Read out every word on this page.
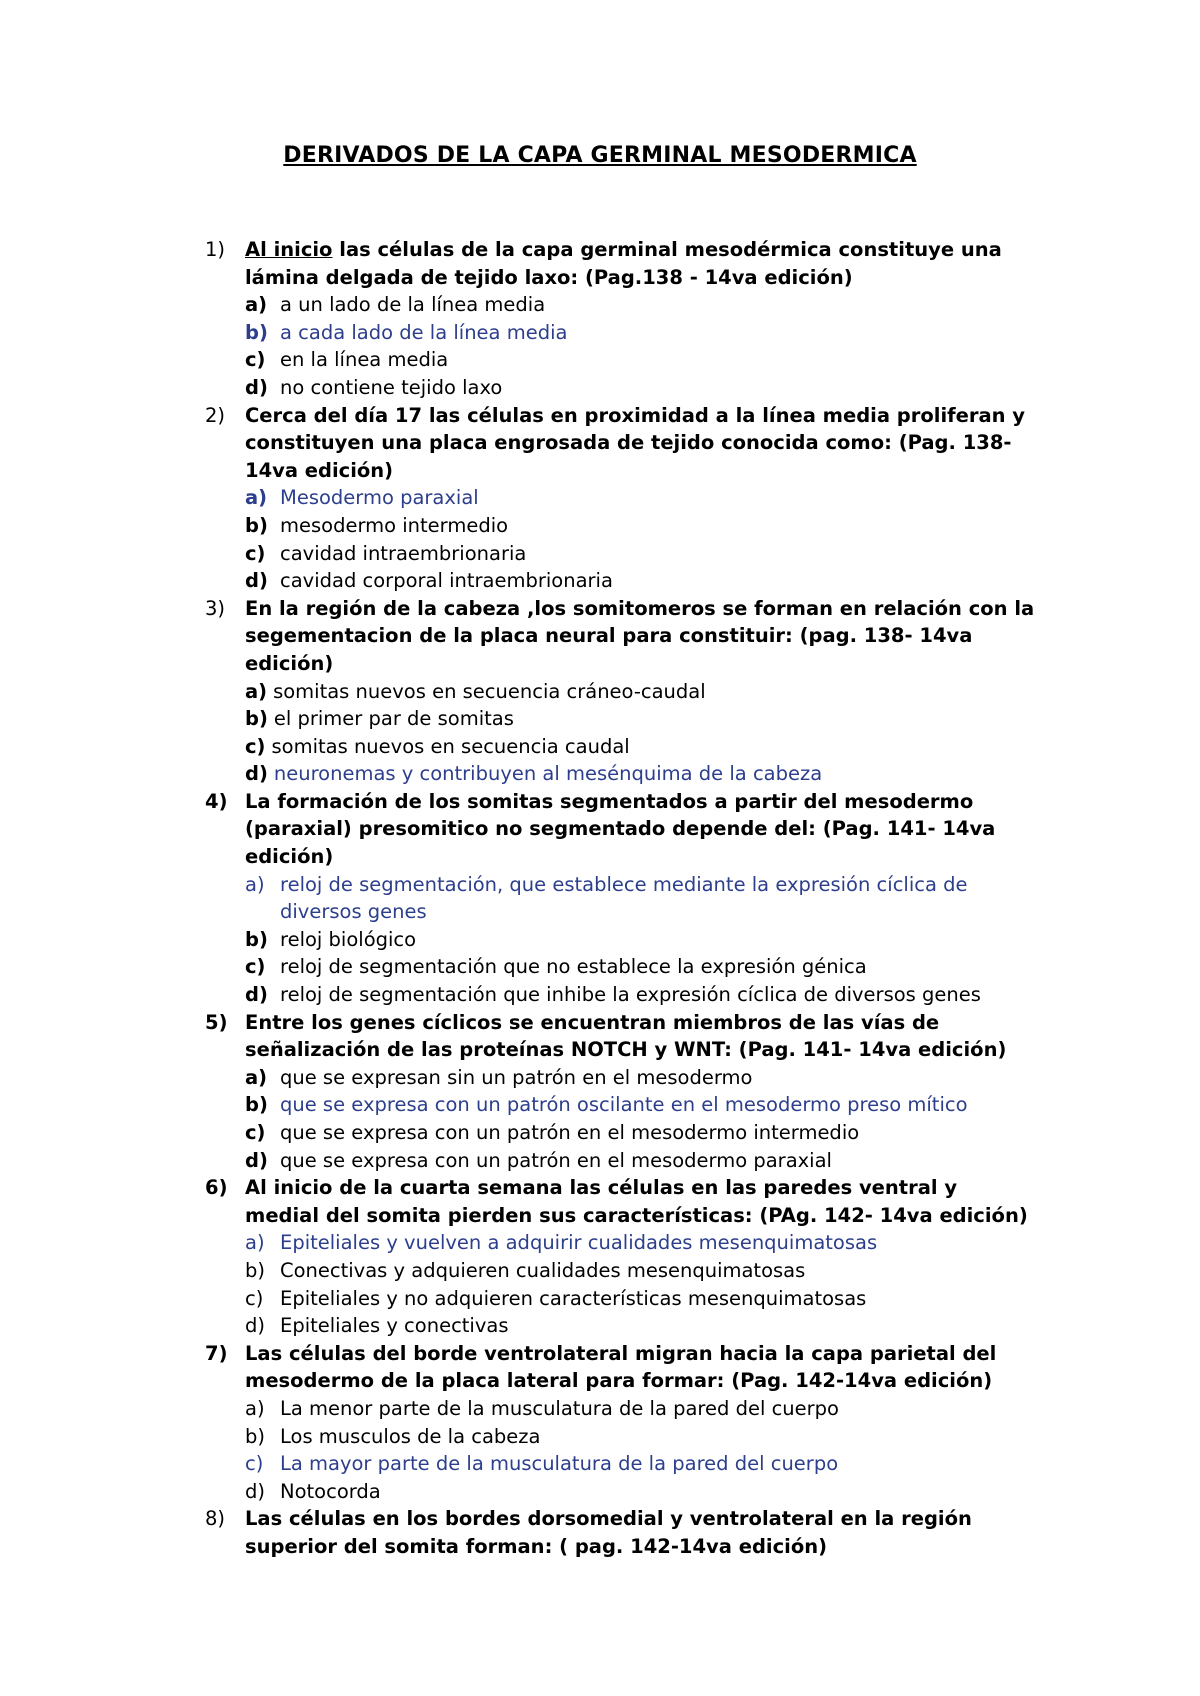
DERIVADOS DE LA CAPA GERMINAL MESODERMICA
1)	Al inicio las células de la capa germinal mesodérmica constituye una lámina delgada de tejido laxo: (Pag.138 - 14va edición)
a) a un lado de la línea media
b) a cada lado de la línea media
c) en la línea media
d) no contiene tejido laxo
2)	Cerca del día 17 las células en proximidad a la línea media proliferan y constituyen una placa engrosada de tejido conocida como: (Pag. 138-14va edición)
a) Mesodermo paraxial
b) mesodermo intermedio
c) cavidad intraembrionaria
d) cavidad corporal intraembrionaria
3)	En la región de la cabeza ,los somitomeros se forman en relación con la segementacion de la placa neural para constituir: (pag. 138- 14va edición)
a) somitas nuevos en secuencia cráneo-caudal
b) el primer par de somitas
c) somitas nuevos en secuencia caudal
d) neuronemas y contribuyen al mesénquima de la cabeza
4) La formación de los somitas segmentados a partir del mesodermo (paraxial) presomitico no segmentado depende del: (Pag. 141- 14va edición)
a) reloj de segmentación, que establece mediante la expresión cíclica de diversos genes
b) reloj biológico
c) reloj de segmentación que no establece la expresión génica
d) reloj de segmentación que inhibe la expresión cíclica de diversos genes
5) Entre los genes cíclicos se encuentran miembros de las vías de señalización de las proteínas NOTCH y WNT: (Pag. 141- 14va edición)
a) que se expresan sin un patrón en el mesodermo
b) que se expresa con un patrón oscilante en el mesodermo preso mítico
c) que se expresa con un patrón en el mesodermo intermedio
d) que se expresa con un patrón en el mesodermo paraxial
6) Al inicio de la cuarta semana las células en las paredes ventral y medial del somita pierden sus características: (PAg. 142- 14va edición)
a) Epiteliales y vuelven a adquirir cualidades mesenquimatosas
b) Conectivas y adquieren cualidades mesenquimatosas
c) Epiteliales y no adquieren características mesenquimatosas
d) Epiteliales y conectivas
7) Las células del borde ventrolateral migran hacia la capa parietal del mesodermo de la placa lateral para formar: (Pag. 142-14va edición)
a) La menor parte de la musculatura de la pared del cuerpo
b) Los musculos de la cabeza
c) La mayor parte de la musculatura de la pared del cuerpo
d) Notocorda
8)	Las células en los bordes dorsomedial y ventrolateral en la región superior del somita forman: ( pag. 142-14va edición)
